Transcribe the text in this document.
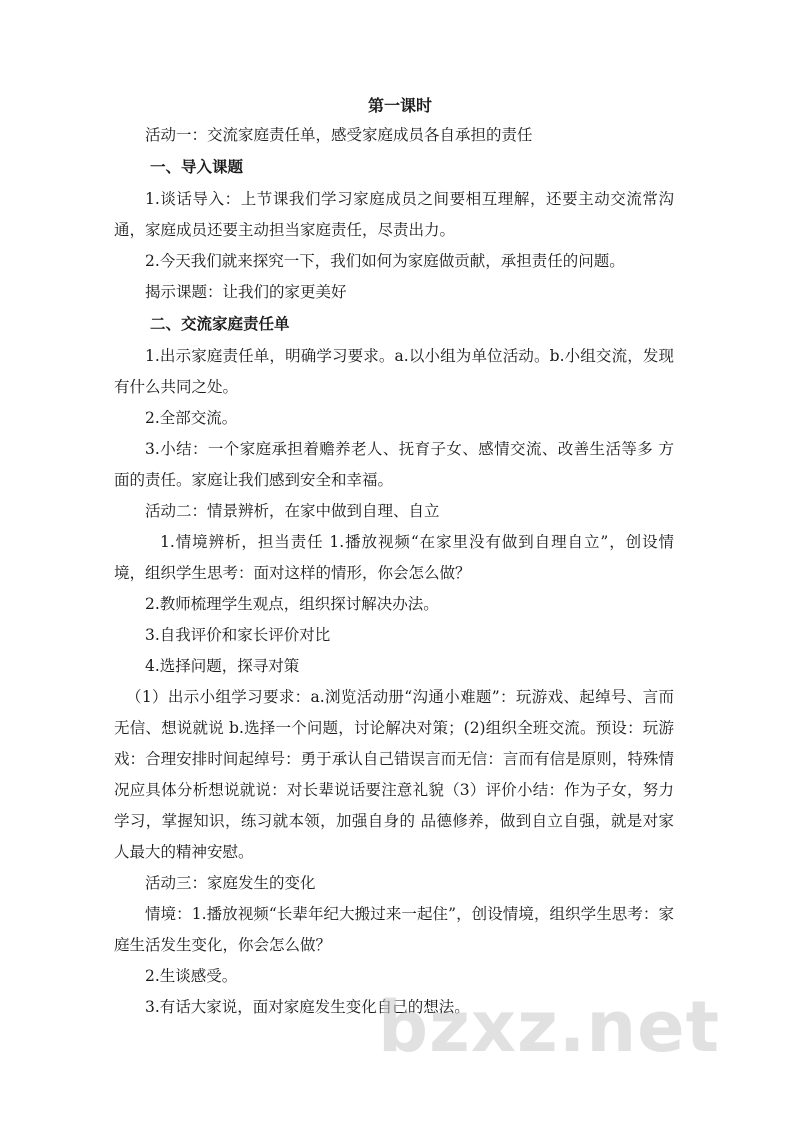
第一课时

活动一：交流家庭责任单，感受家庭成员各自承担的责任

一、导入课题

1.谈话导入：上节课我们学习家庭成员之间要相互理解，还要主动交流常沟通，家庭成员还要主动担当家庭责任，尽责出力。

2.今天我们就来探究一下，我们如何为家庭做贡献，承担责任的问题。

揭示课题：让我们的家更美好

二、交流家庭责任单

1.出示家庭责任单，明确学习要求。a.以小组为单位活动。b.小组交流，发现有什么共同之处。

2.全部交流。

3.小结：一个家庭承担着赡养老人、抚育子女、感情交流、改善生活等多 方面的责任。家庭让我们感到安全和幸福。

活动二：情景辨析，在家中做到自理、自立

1.情境辨析，担当责任 1.播放视频“在家里没有做到自理自立”，创设情境，组织学生思考：面对这样的情形，你会怎么做？

2.教师梳理学生观点，组织探讨解决办法。

3.自我评价和家长评价对比

4.选择问题，探寻对策

（1）出示小组学习要求：a.浏览活动册“沟通小难题”：玩游戏、起绰号、言而无信、想说就说 b.选择一个问题，讨论解决对策；(2)组织全班交流。预设：玩游戏：合理安排时间起绰号：勇于承认自己错误言而无信：言而有信是原则，特殊情况应具体分析想说就说：对长辈说话要注意礼貌（3）评价小结：作为子女，努力学习，掌握知识，练习就本领，加强自身的 品德修养，做到自立自强，就是对家人最大的精神安慰。

活动三：家庭发生的变化

情境：1.播放视频“长辈年纪大搬过来一起住”，创设情境，组织学生思考：家庭生活发生变化，你会怎么做？

2.生谈感受。

3.有话大家说，面对家庭发生变化自己的想法。

bzxz.net
